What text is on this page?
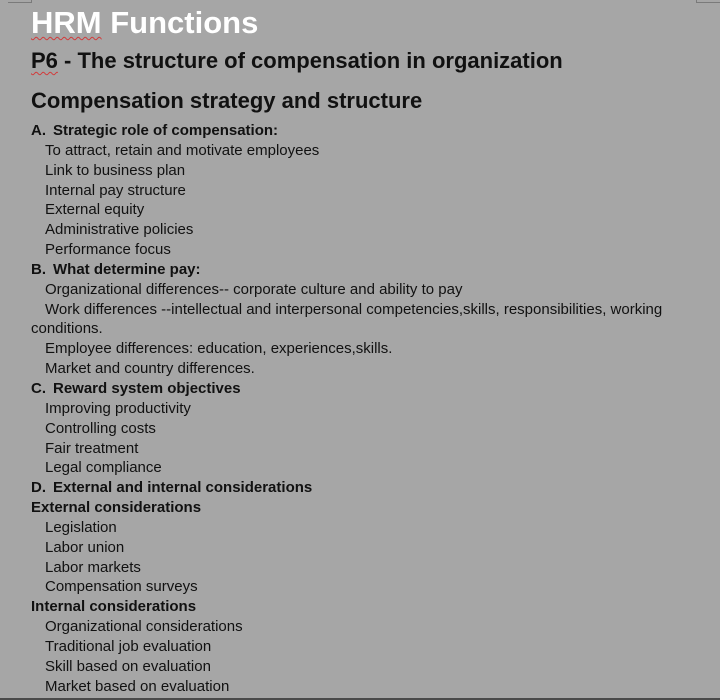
HRM Functions
P6 - The structure of compensation in organization
Compensation strategy and structure
A. Strategic role of compensation:
To attract, retain and motivate employees
Link to business plan
Internal pay structure
External equity
Administrative policies
Performance focus
B. What determine pay:
Organizational differences-- corporate culture and ability to pay
Work differences --intellectual and interpersonal competencies,skills, responsibilities, working
conditions.
Employee differences: education, experiences,skills.
Market and country differences.
C. Reward system objectives
Improving productivity
Controlling costs
Fair treatment
Legal compliance
D. External and internal considerations
External considerations
Legislation
Labor union
Labor markets
Compensation surveys
Internal considerations
Organizational considerations
Traditional job evaluation
Skill based on evaluation
Market based on evaluation
